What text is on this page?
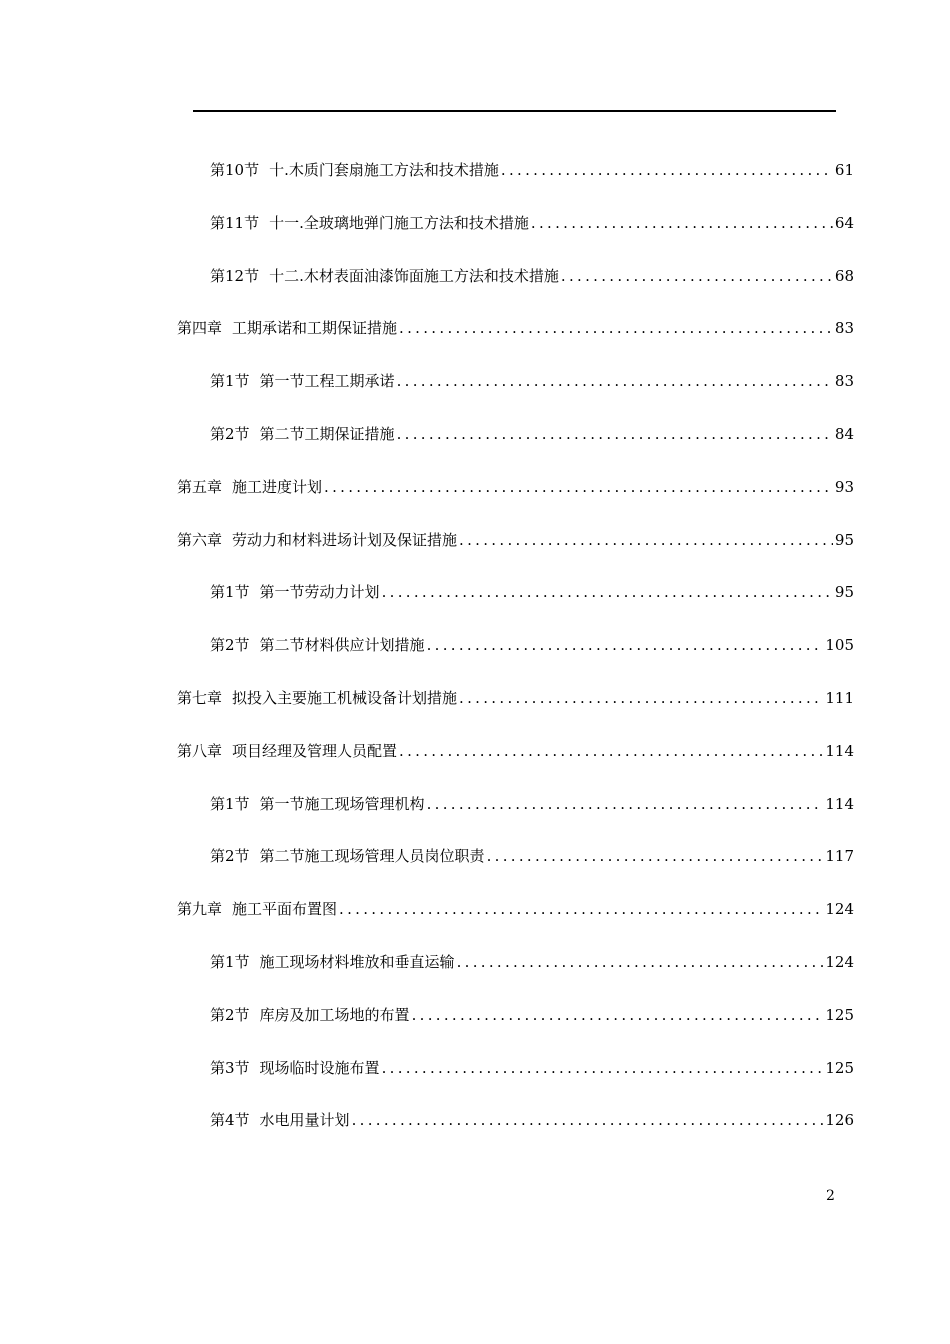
第10节 十.木质门套扇施工方法和技术措施 .....	61
第11节 十一.全玻璃地弹门施工方法和技术措施 .....	64
第12节 十二.木材表面油漆饰面施工方法和技术措施 .....	68
第四章 工期承诺和工期保证措施 .....	83
第1节 第一节工程工期承诺 .....	83
第2节 第二节工期保证措施 .....	84
第五章 施工进度计划 .....	93
第六章 劳动力和材料进场计划及保证措施 .....	95
第1节 第一节劳动力计划 .....	95
第2节 第二节材料供应计划措施 .....	105
第七章 拟投入主要施工机械设备计划措施 .....	111
第八章 项目经理及管理人员配置 .....	114
第1节 第一节施工现场管理机构 .....	114
第2节 第二节施工现场管理人员岗位职责 .....	117
第九章 施工平面布置图 .....	124
第1节 施工现场材料堆放和垂直运输 .....	124
第2节 库房及加工场地的布置 .....	125
第3节 现场临时设施布置 .....	125
第4节 水电用量计划 .....	126
2
